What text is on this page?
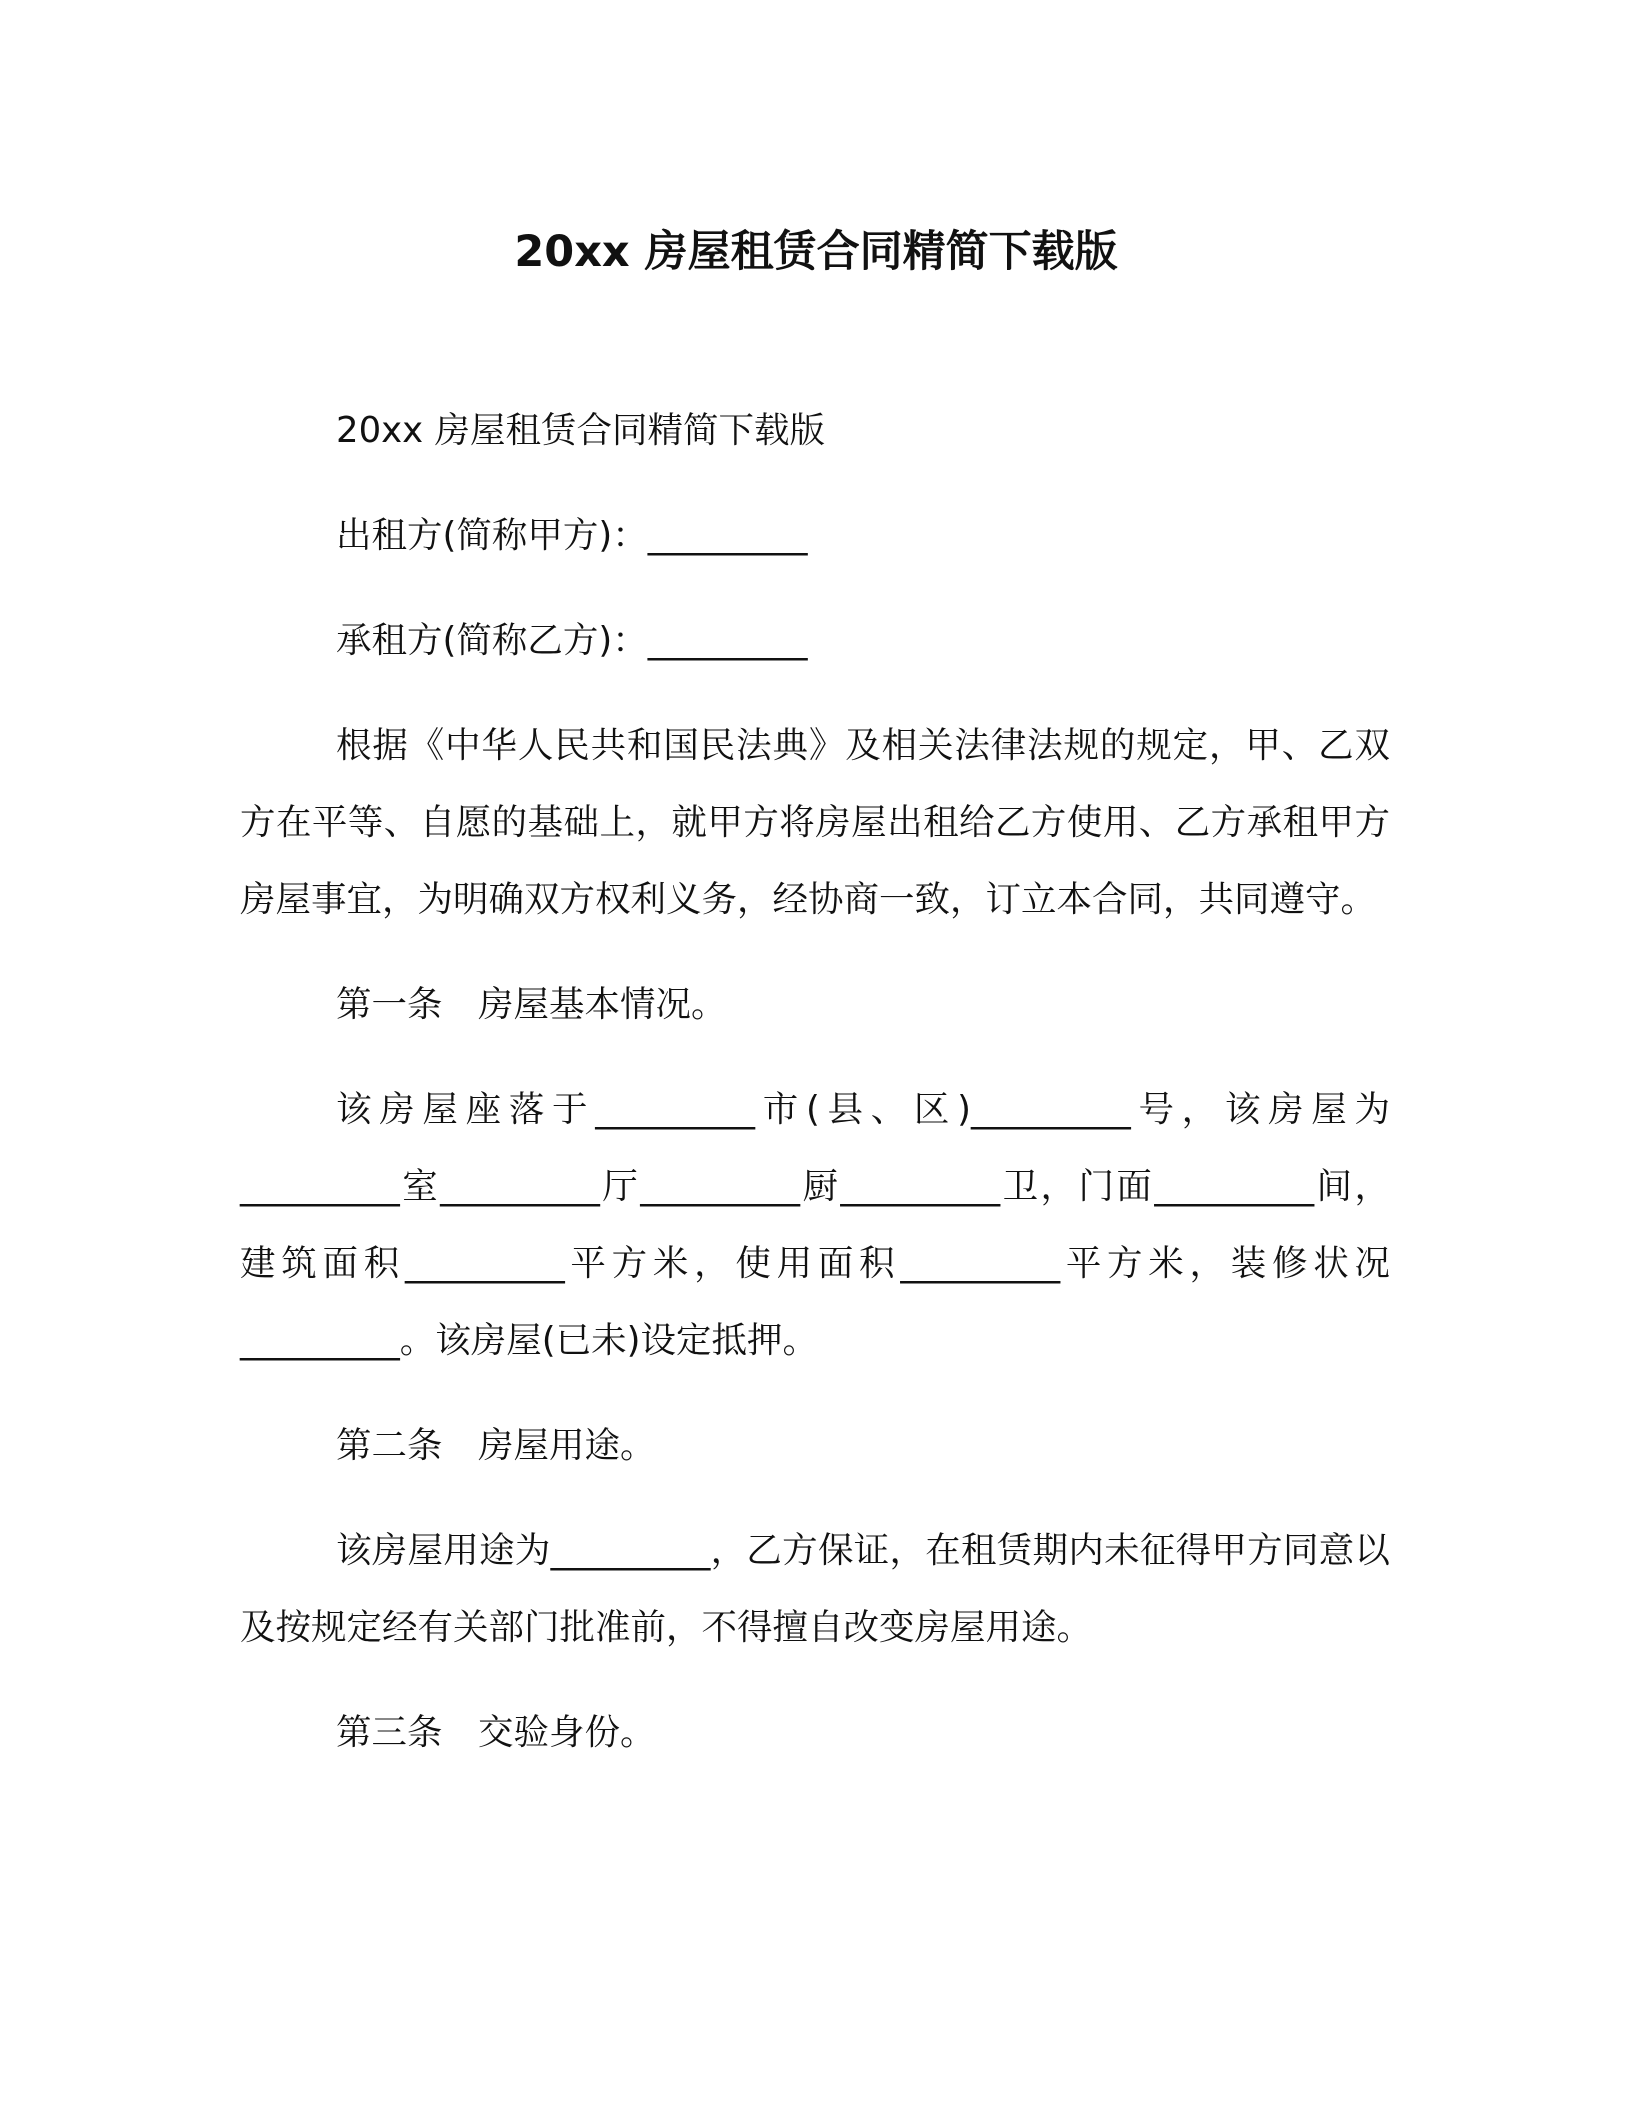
20xx 房屋租赁合同精简下载版

20xx 房屋租赁合同精简下载版

出租方(简称甲方)：_________

承租方(简称乙方)：_________

根据《中华人民共和国民法典》及相关法律法规的规定，甲、乙双方在平等、自愿的基础上，就甲方将房屋出租给乙方使用、乙方承租甲方房屋事宜，为明确双方权利义务，经协商一致，订立本合同，共同遵守。

第一条　房屋基本情况。

该房屋座落于_________市(县、区)_________号，该房屋为_________室_________厅_________厨_________卫，门面_________间，建筑面积_________平方米，使用面积_________平方米，装修状况_________。该房屋(已未)设定抵押。

第二条　房屋用途。

该房屋用途为_________，乙方保证，在租赁期内未征得甲方同意以及按规定经有关部门批准前，不得擅自改变房屋用途。

第三条　交验身份。
